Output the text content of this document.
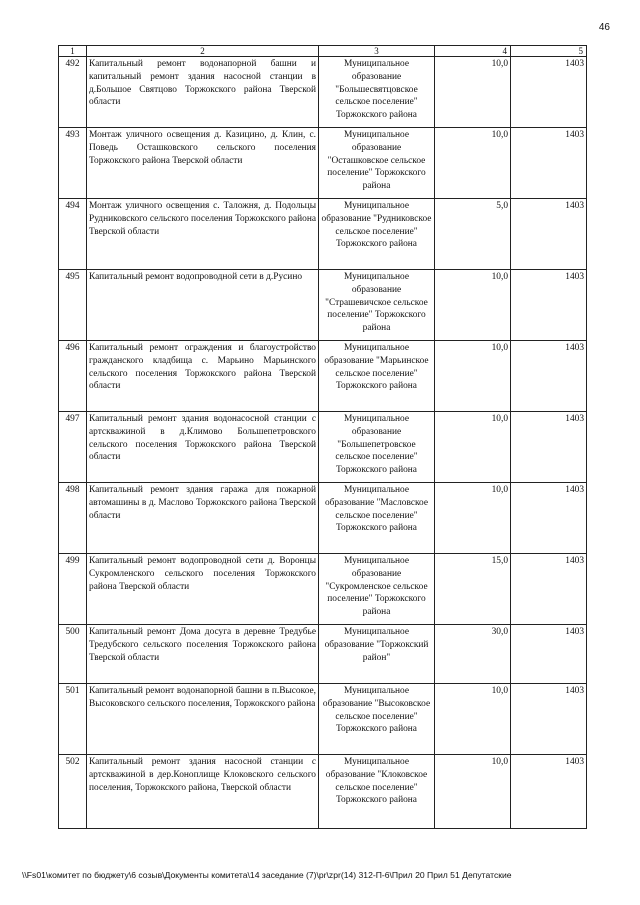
46
1	2	3	4	5
492	Капитальный ремонт водонапорной башни и капитальный ремонт здания насосной станции в д.Большое Святцово Торжокского района Тверской области	Муниципальное образование "Большесвятцовское сельское поселение" Торжокского района	10,0	1403
493	Монтаж уличного освещения д. Казицино, д. Клин, с. Поведь Осташковского сельского поселения Торжокского района Тверской области	Муниципальное образование "Осташковское сельское поселение" Торжокского района	10,0	1403
494	Монтаж уличного освещения с. Таложня, д. Подольцы Рудниковского сельского поселения Торжокского района Тверской области	Муниципальное образование "Рудниковское сельское поселение" Торжокского района	5,0	1403
495	Капитальный ремонт водопроводной сети в д.Русино	Муниципальное образование "Страшевичское сельское поселение" Торжокского района	10,0	1403
496	Капитальный ремонт ограждения и благоустройство гражданского кладбища с. Марьино Марьинского сельского поселения Торжокского района Тверской области	Муниципальное образование "Марьинское сельское поселение" Торжокского района	10,0	1403
497	Капитальный ремонт здания водонасосной станции с артскважиной в д.Климово Большепетровского сельского поселения Торжокского района Тверской области	Муниципальное образование "Большепетровское сельское поселение" Торжокского района	10,0	1403
498	Капитальный ремонт здания гаража для пожарной автомашины в д. Маслово Торжокского района Тверской области	Муниципальное образование "Масловское сельское поселение" Торжокского района	10,0	1403
499	Капитальный ремонт водопроводной сети д. Воронцы Сукромленского сельского поселения Торжокского района Тверской области	Муниципальное образование "Сукромленское сельское поселение" Торжокского района	15,0	1403
500	Капитальный ремонт Дома досуга в деревне Тредубье Тредубского сельского поселения Торжокского района Тверской области	Муниципальное образование "Торжокский район"	30,0	1403
501	Капитальный ремонт водонапорной башни в п.Высокое, Высоковского сельского поселения, Торжокского района	Муниципальное образование "Высоковское сельское поселение" Торжокского района	10,0	1403
502	Капитальный ремонт здания насосной станции с артскважиной в дер.Коноплище Клоковского сельского поселения, Торжокского района, Тверской области	Муниципальное образование "Клоковское сельское поселение" Торжокского района	10,0	1403
\\Fs01\комитет по бюджету\6 созыв\Документы комитета\14 заседание (7)\pr\zpr(14) 312-П-6\Прил 20 Прил 51 Депутатские
